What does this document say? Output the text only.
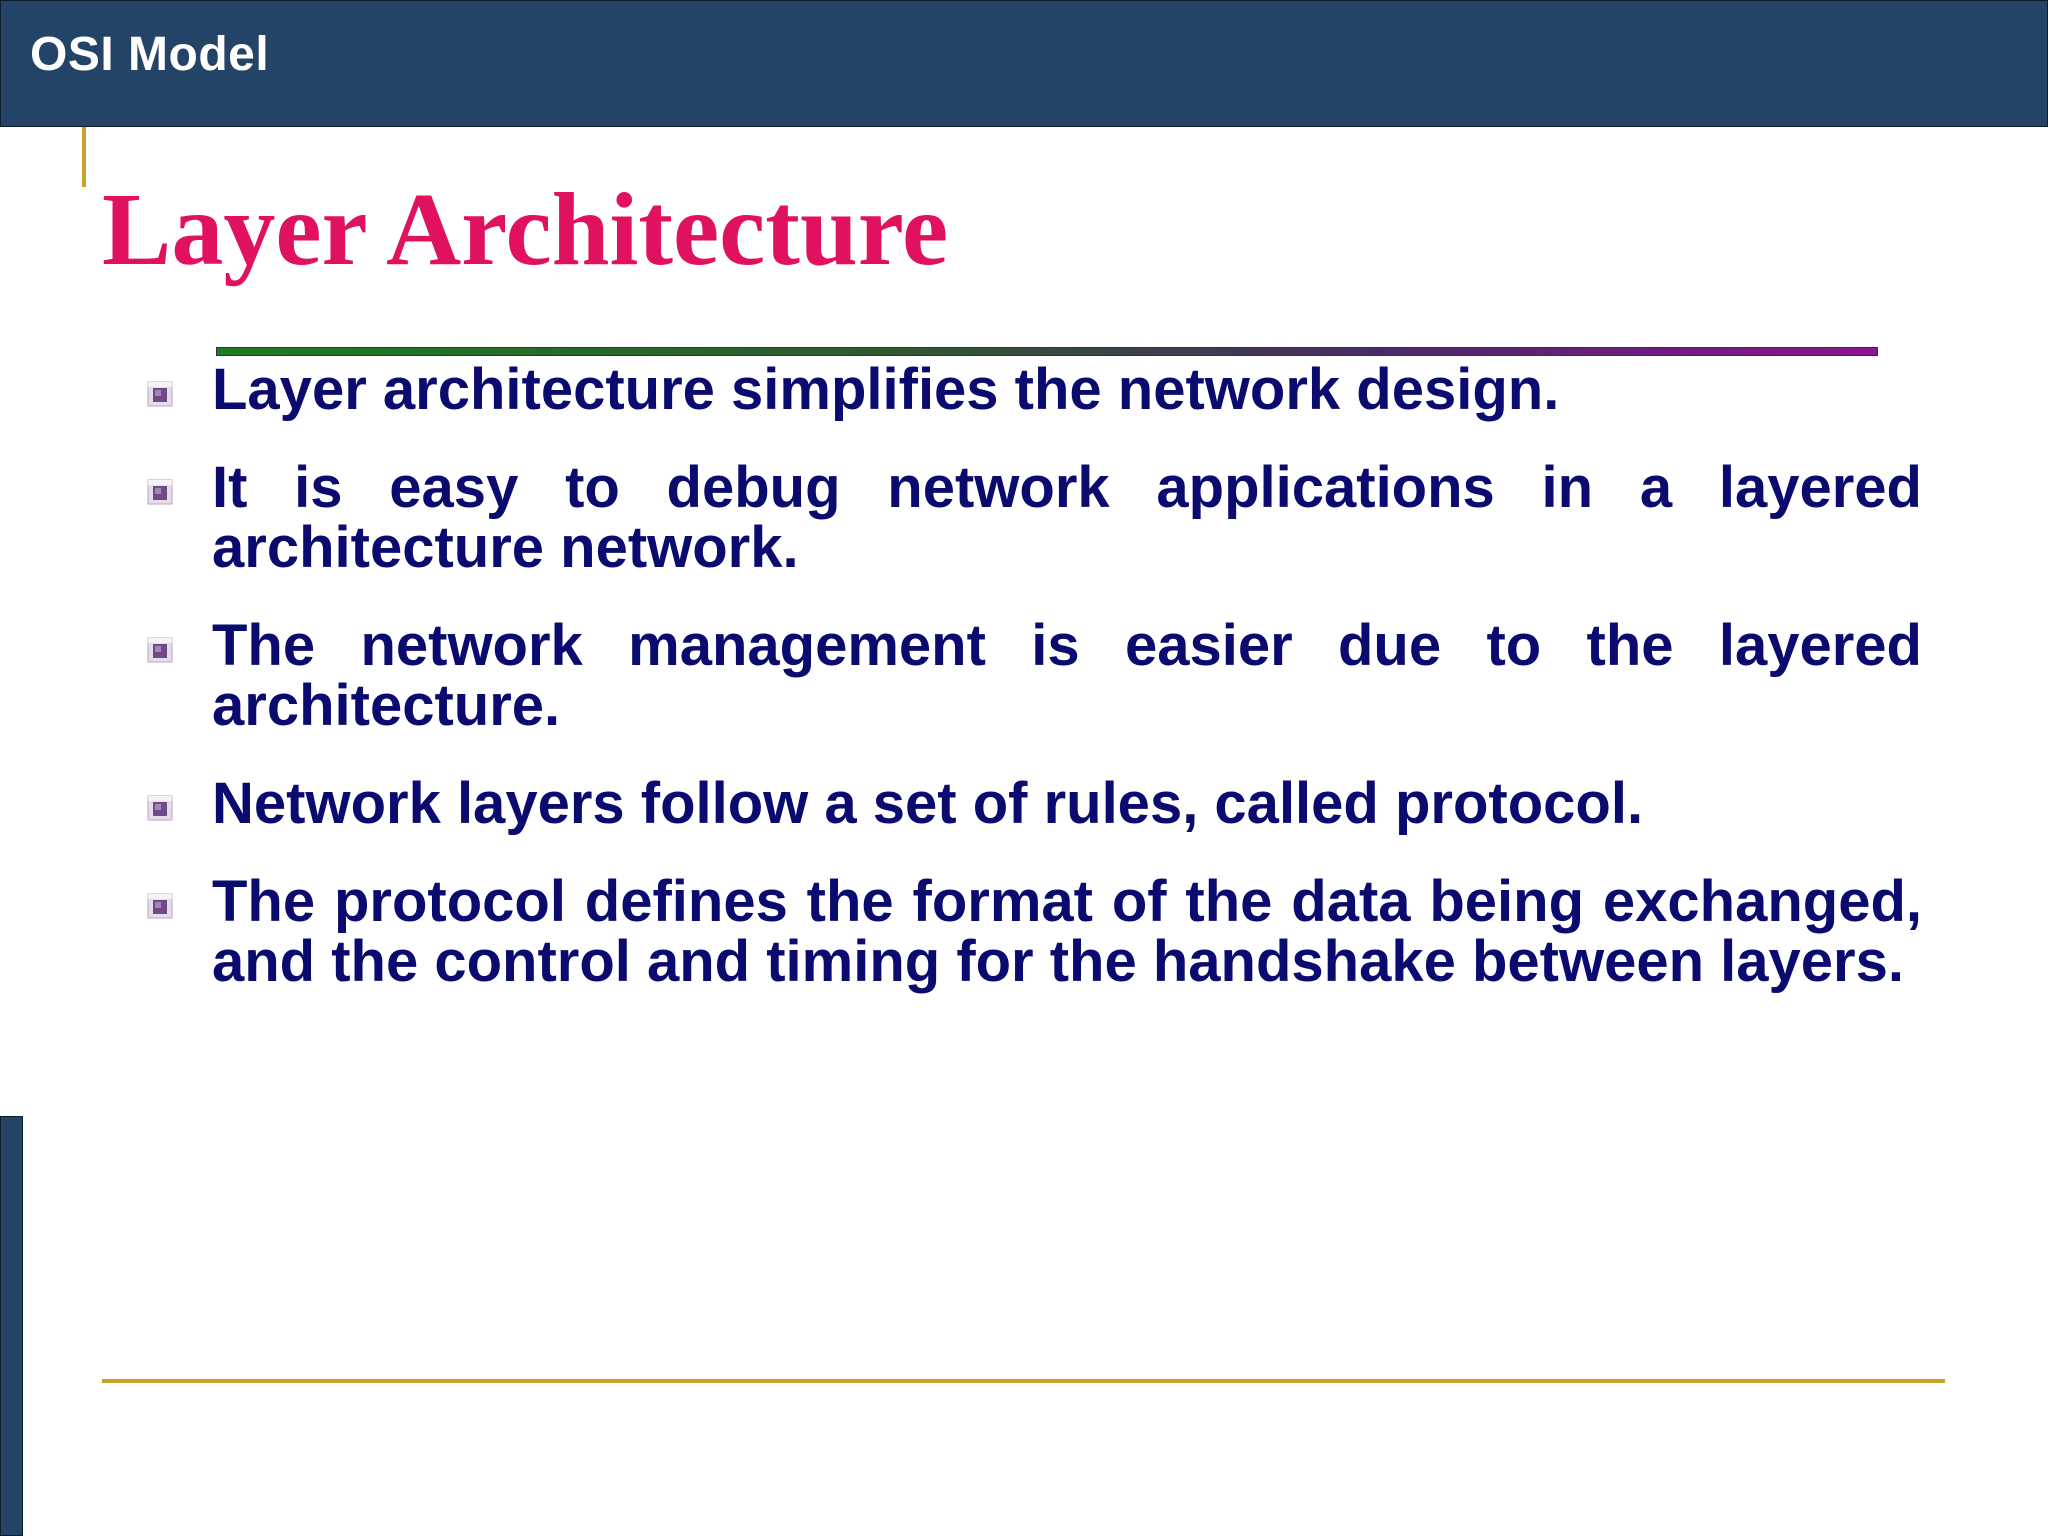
OSI Model
Layer Architecture
Layer architecture simplifies the network design.
It is easy to debug network applications in a layered architecture network.
The network management is easier due to the layered architecture.
Network layers follow a set of rules, called protocol.
The protocol defines the format of the data being exchanged, and the control and timing for the handshake between layers.
